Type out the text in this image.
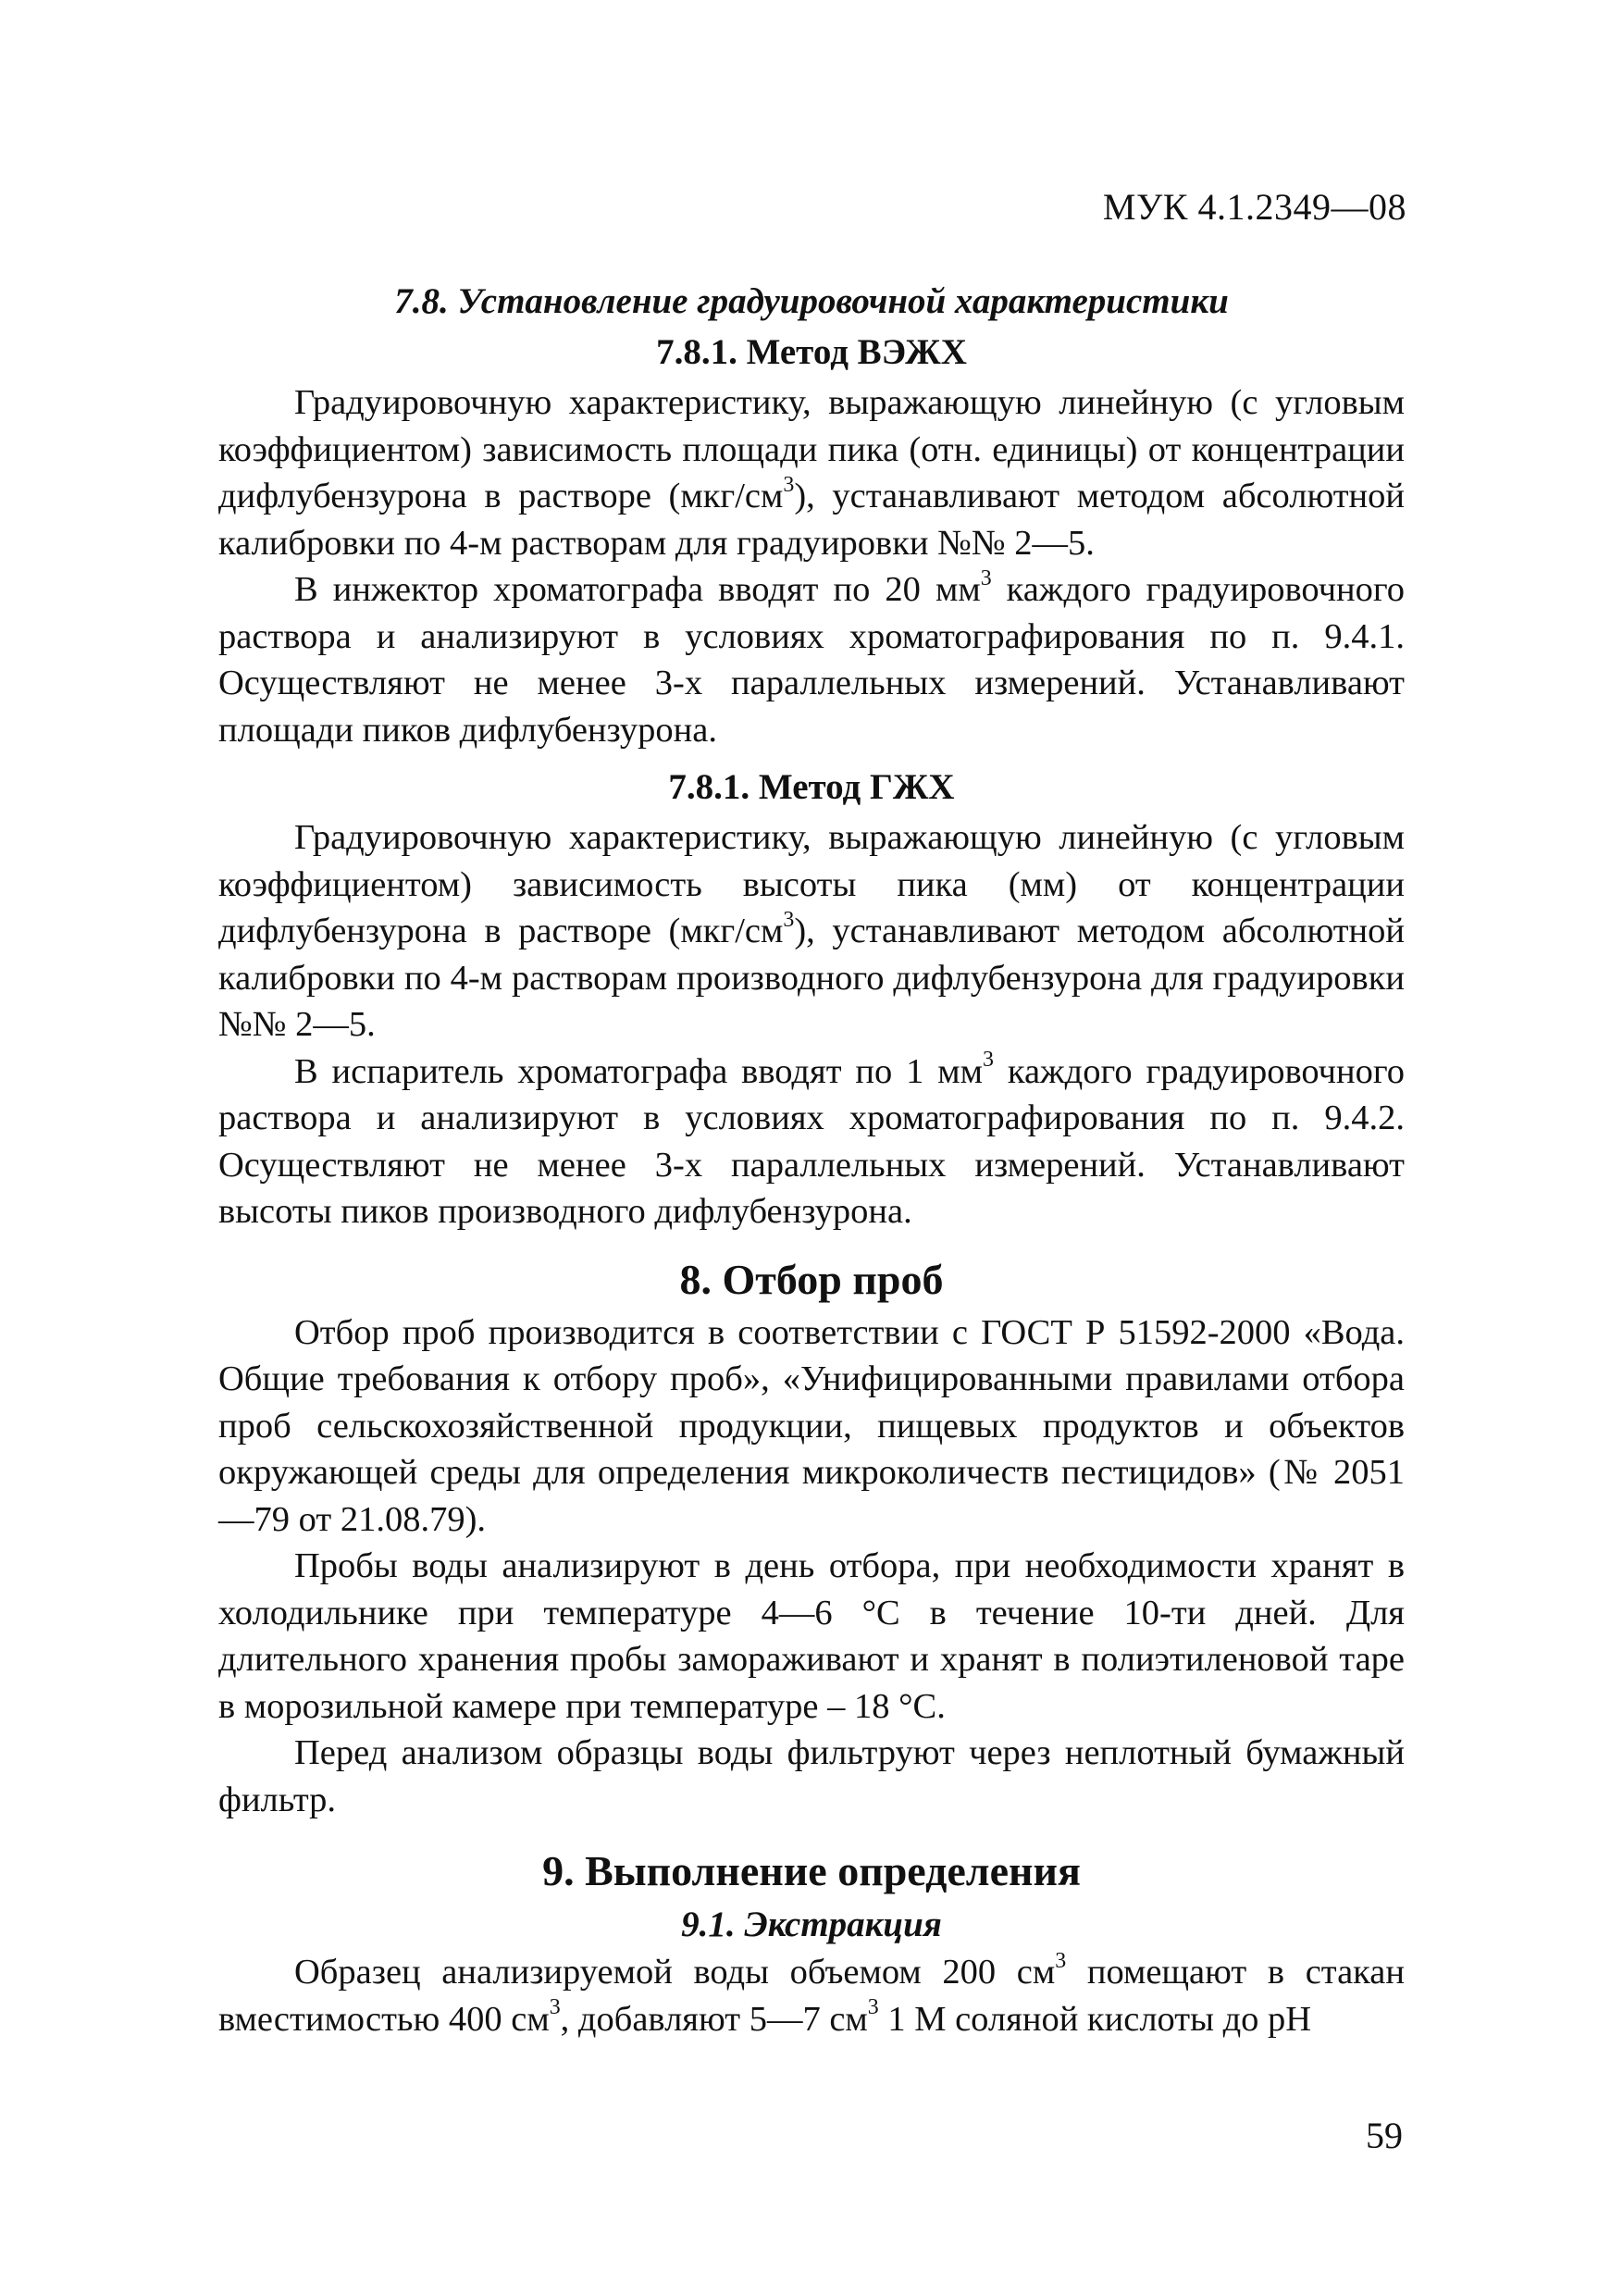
МУК 4.1.2349—08
7.8. Установление градуировочной характеристики
7.8.1. Метод ВЭЖХ

Градуировочную характеристику, выражающую линейную (с угловым коэффициентом) зависимость площади пика (отн. единицы) от концентрации дифлубензурона в растворе $(мкг/см^3)$, устанавливают методом абсолютной калибровки по 4-м растворам для градуировки №№ 2—5.

В инжектор хроматографа вводят по 20 $мм^3$ каждого градуировочного раствора и анализируют в условиях хроматографирования по п. 9.4.1. Осуществляют не менее 3-х параллельных измерений. Устанавливают площади пиков дифлубензурона.

7.8.1. Метод ГЖХ

Градуировочную характеристику, выражающую линейную (с угловым коэффициентом) зависимость высоты пика (мм) от концентрации дифлубензурона в растворе $(мкг/см^3)$, устанавливают методом абсолютной калибровки по 4-м растворам производного дифлубензурона для градуировки №№ 2—5.

В испаритель хроматографа вводят по 1 $мм^3$ каждого градуировочного раствора и анализируют в условиях хроматографирования по п. 9.4.2. Осуществляют не менее 3-х параллельных измерений. Устанавливают высоты пиков производного дифлубензурона.

8. Отбор проб

Отбор проб производится в соответствии с ГОСТ Р 51592-2000 «Вода. Общие требования к отбору проб», «Унифицированными правилами отбора проб сельскохозяйственной продукции, пищевых продуктов и объектов окружающей среды для определения микроколичеств пестицидов» (№ 2051—79 от 21.08.79).

Пробы воды анализируют в день отбора, при необходимости хранят в холодильнике при температуре 4—6 °С в течение 10-ти дней. Для длительного хранения пробы замораживают и хранят в полиэтиленовой таре в морозильной камере при температуре – 18 °С.

Перед анализом образцы воды фильтруют через неплотный бумажный фильтр.

9. Выполнение определения
9.1. Экстракция

Образец анализируемой воды объемом 200 $см^3$ помещают в стакан вместимостью 400 $см^3$, добавляют 5—7 $см^3$ 1 М соляной кислоты до pH

59
